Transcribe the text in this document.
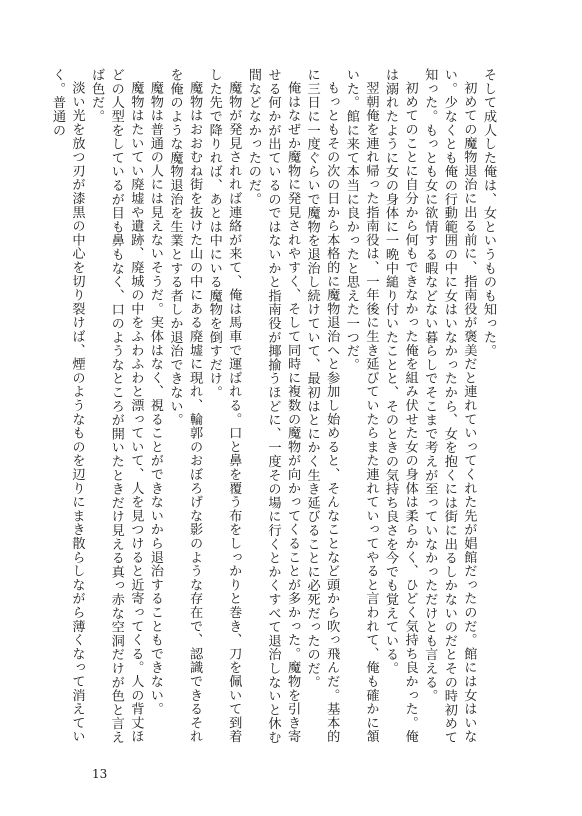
そして成人した俺は、女というものも知った。

初めての魔物退治に出る前に、指南役が褒美だと連れていってくれた先が娼館だったのだ。館には女はいない。少なくとも俺の行動範囲の中に女はいなかったから、女を抱くには街に出るしかないのだとその時初めて知った。もっとも女に欲情する暇などない暮らしでそこまで考えが至っていなかっただけとも言える。

初めてのことに自分から何もできなかった俺を組み伏せた女の身体は柔らかく、ひどく気持ち良かった。俺は溺れたように女の身体に一晩中縋り付いたことと、そのときの気持ち良さを今でも覚えている。

翌朝俺を連れ帰った指南役は、一年後に生き延びていたらまた連れていってやると言われて、俺も確かに頷いた。館に来て本当に良かったと思えた一つだ。

もっともその次の日から本格的に魔物退治へと参加し始めると、そんなことなど頭から吹っ飛んだ。基本的に三日に一度ぐらいで魔物を退治し続けていて、最初はとにかく生き延びることに必死だったのだ。

俺はなぜか魔物に発見されやすく、そして同時に複数の魔物が向かってくることが多かった。魔物を引き寄せる何かが出ているのではないかと指南役が揶揄うほどに、一度その場に行くとかくすべて退治しないと休む間などなかったのだ。

魔物が発見されれば連絡が来て、俺は馬車で運ばれる。口と鼻を覆う布をしっかりと巻き、刀を佩いて到着した先で降りれば、あとは中にいる魔物を倒すだけ。

魔物はおおむね街を抜けた山の中にある廃墟に現れ、輪郭のおぼろげな影のような存在で、認識できるそれを俺のような魔物退治を生業とする者しか退治できない。

魔物は普通の人には見えないそうだ。実体はなく、視ることができないから退治することもできない。

魔物はたいてい廃墟や遺跡、廃城の中をふわふわと漂っていて、人を見つけると近寄ってくる。人の背丈ほどの人型をしているが目も鼻もなく、口のようなところが開いたときだけ見える真っ赤な空洞だけが色と言えば色だ。

淡い光を放つ刃が漆黒の中心を切り裂けば、煙のようなものを辺りにまき散らしながら薄くなって消えていく。普通の

13
